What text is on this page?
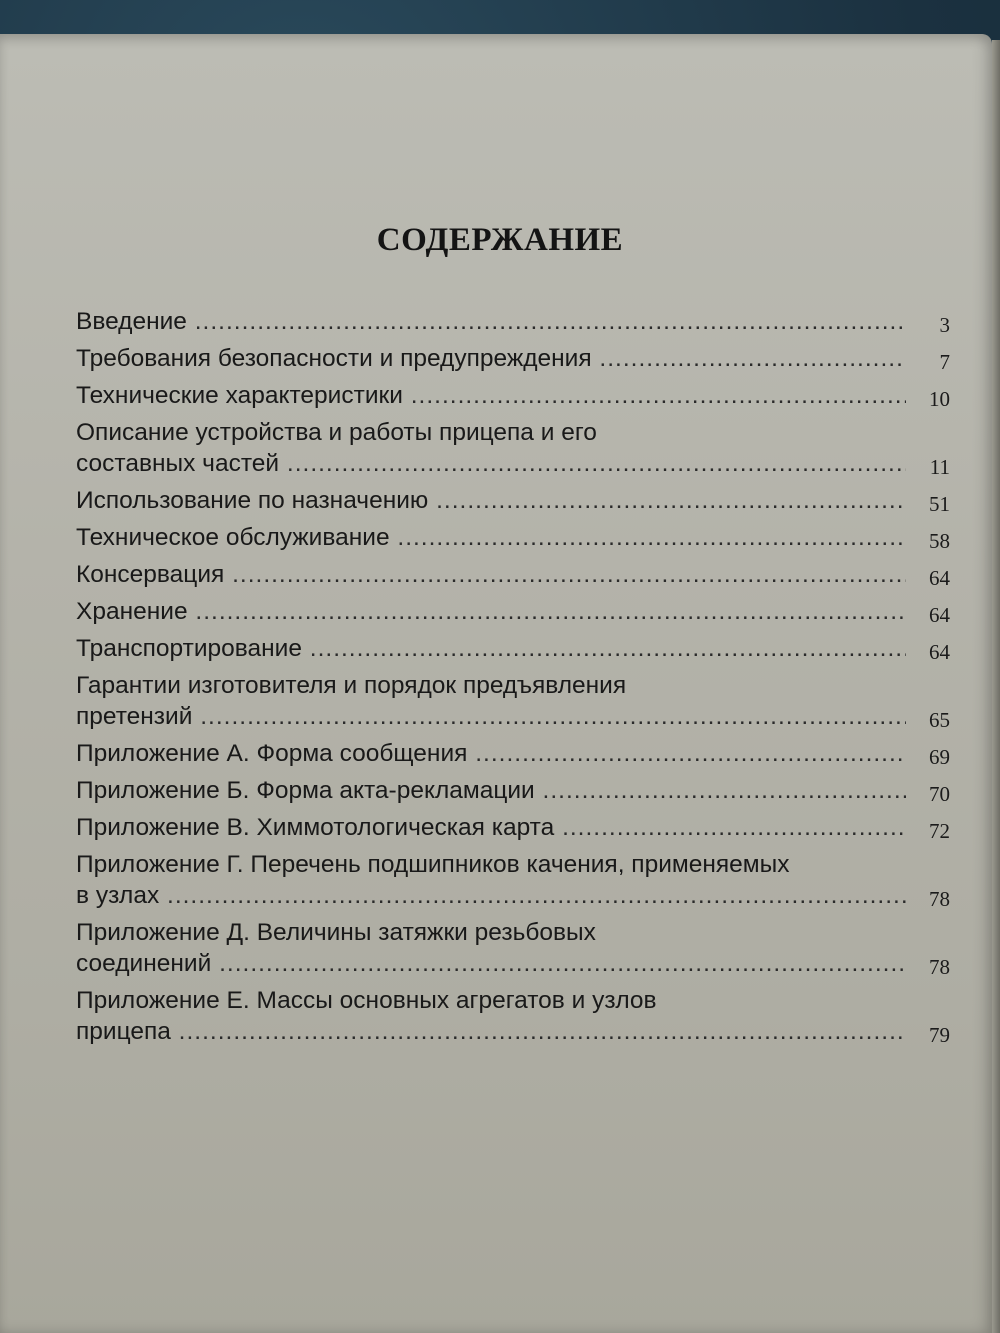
СОДЕРЖАНИЕ
Введение .....	3
Требования безопасности и предупреждения .....	7
Технические характеристики .....	10
Описание устройства и работы прицепа и его
составных частей .....	11
Использование по назначению .....	51
Техническое обслуживание .....	58
Консервация .....	64
Хранение .....	64
Транспортирование .....	64
Гарантии изготовителя и порядок предъявления
претензий .....	65
Приложение А. Форма сообщения .....	69
Приложение Б. Форма акта-рекламации .....	70
Приложение В. Химмотологическая карта .....	72
Приложение Г. Перечень подшипников качения, применяемых
в узлах .....	78
Приложение Д. Величины затяжки резьбовых
соединений .....	78
Приложение Е. Массы основных агрегатов и узлов
прицепа .....	79
